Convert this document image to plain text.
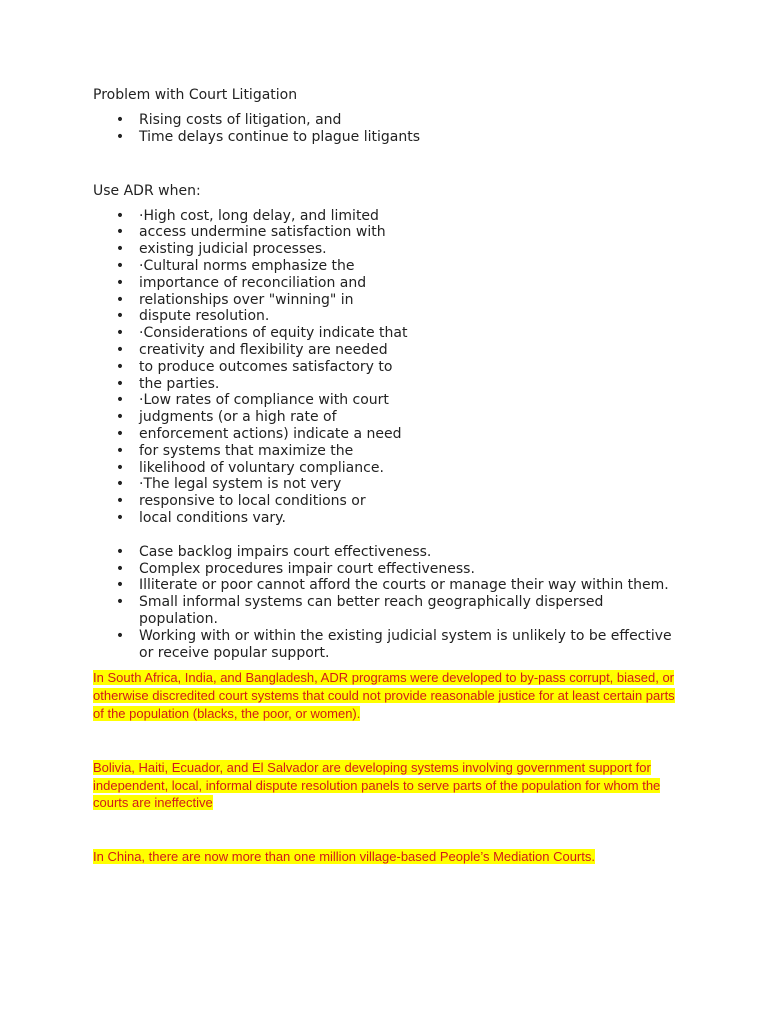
Problem with Court Litigation

• Rising costs of litigation, and
• Time delays continue to plague litigants

Use ADR when:

• ·High cost, long delay, and limited
• access undermine satisfaction with
• existing judicial processes.
• ·Cultural norms emphasize the
• importance of reconciliation and
• relationships over "winning" in
• dispute resolution.
• ·Considerations of equity indicate that
• creativity and flexibility are needed
• to produce outcomes satisfactory to
• the parties.
• ·Low rates of compliance with court
• judgments (or a high rate of
• enforcement actions) indicate a need
• for systems that maximize the
• likelihood of voluntary compliance.
• ·The legal system is not very
• responsive to local conditions or
• local conditions vary.
• Case backlog impairs court effectiveness.
• Complex procedures impair court effectiveness.
• Illiterate or poor cannot afford the courts or manage their way within them.
• Small informal systems can better reach geographically dispersed population.
• Working with or within the existing judicial system is unlikely to be effective or receive popular support.

In South Africa, India, and Bangladesh, ADR programs were developed to by-pass corrupt, biased, or otherwise discredited court systems that could not provide reasonable justice for at least certain parts of the population (blacks, the poor, or women).

Bolivia, Haiti, Ecuador, and El Salvador are developing systems involving government support for independent, local, informal dispute resolution panels to serve parts of the population for whom the courts are ineffective

In China, there are now more than one million village-based People’s Mediation Courts.
